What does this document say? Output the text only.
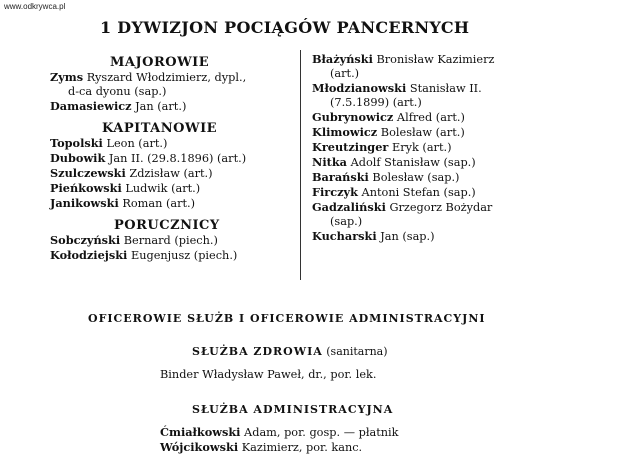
www.odkrywca.pl
1 DYWIZJON POCIĄGÓW PANCERNYCH
MAJOROWIE
Zyms Ryszard Włodzimierz, dypl.,
d-ca dyonu (sap.)
Damasiewicz Jan (art.)
KAPITANOWIE
Topolski Leon (art.)
Dubowik Jan II. (29.8.1896) (art.)
Szulczewski Zdzisław (art.)
Pieńkowski Ludwik (art.)
Janikowski Roman (art.)
PORUCZNICY
Sobczyński Bernard (piech.)
Kołodziejski Eugenjusz (piech.)
Błażyński Bronisław Kazimierz
(art.)
Młodzianowski Stanisław II.
(7.5.1899) (art.)
Gubrynowicz Alfred (art.)
Klimowicz Bolesław (art.)
Kreutzinger Eryk (art.)
Nitka Adolf Stanisław (sap.)
Barański Bolesław (sap.)
Firczyk Antoni Stefan (sap.)
Gadzaliński Grzegorz Bożydar
(sap.)
Kucharski Jan (sap.)
OFICEROWIE SŁUŻB I OFICEROWIE ADMINISTRACYJNI
SŁUŻBA ZDROWIA (sanitarna)
Binder Władysław Paweł, dr., por. lek.
SŁUŻBA ADMINISTRACYJNA
Ćmiałkowski Adam, por. gosp. — płatnik
Wójcikowski Kazimierz, por. kanc.
